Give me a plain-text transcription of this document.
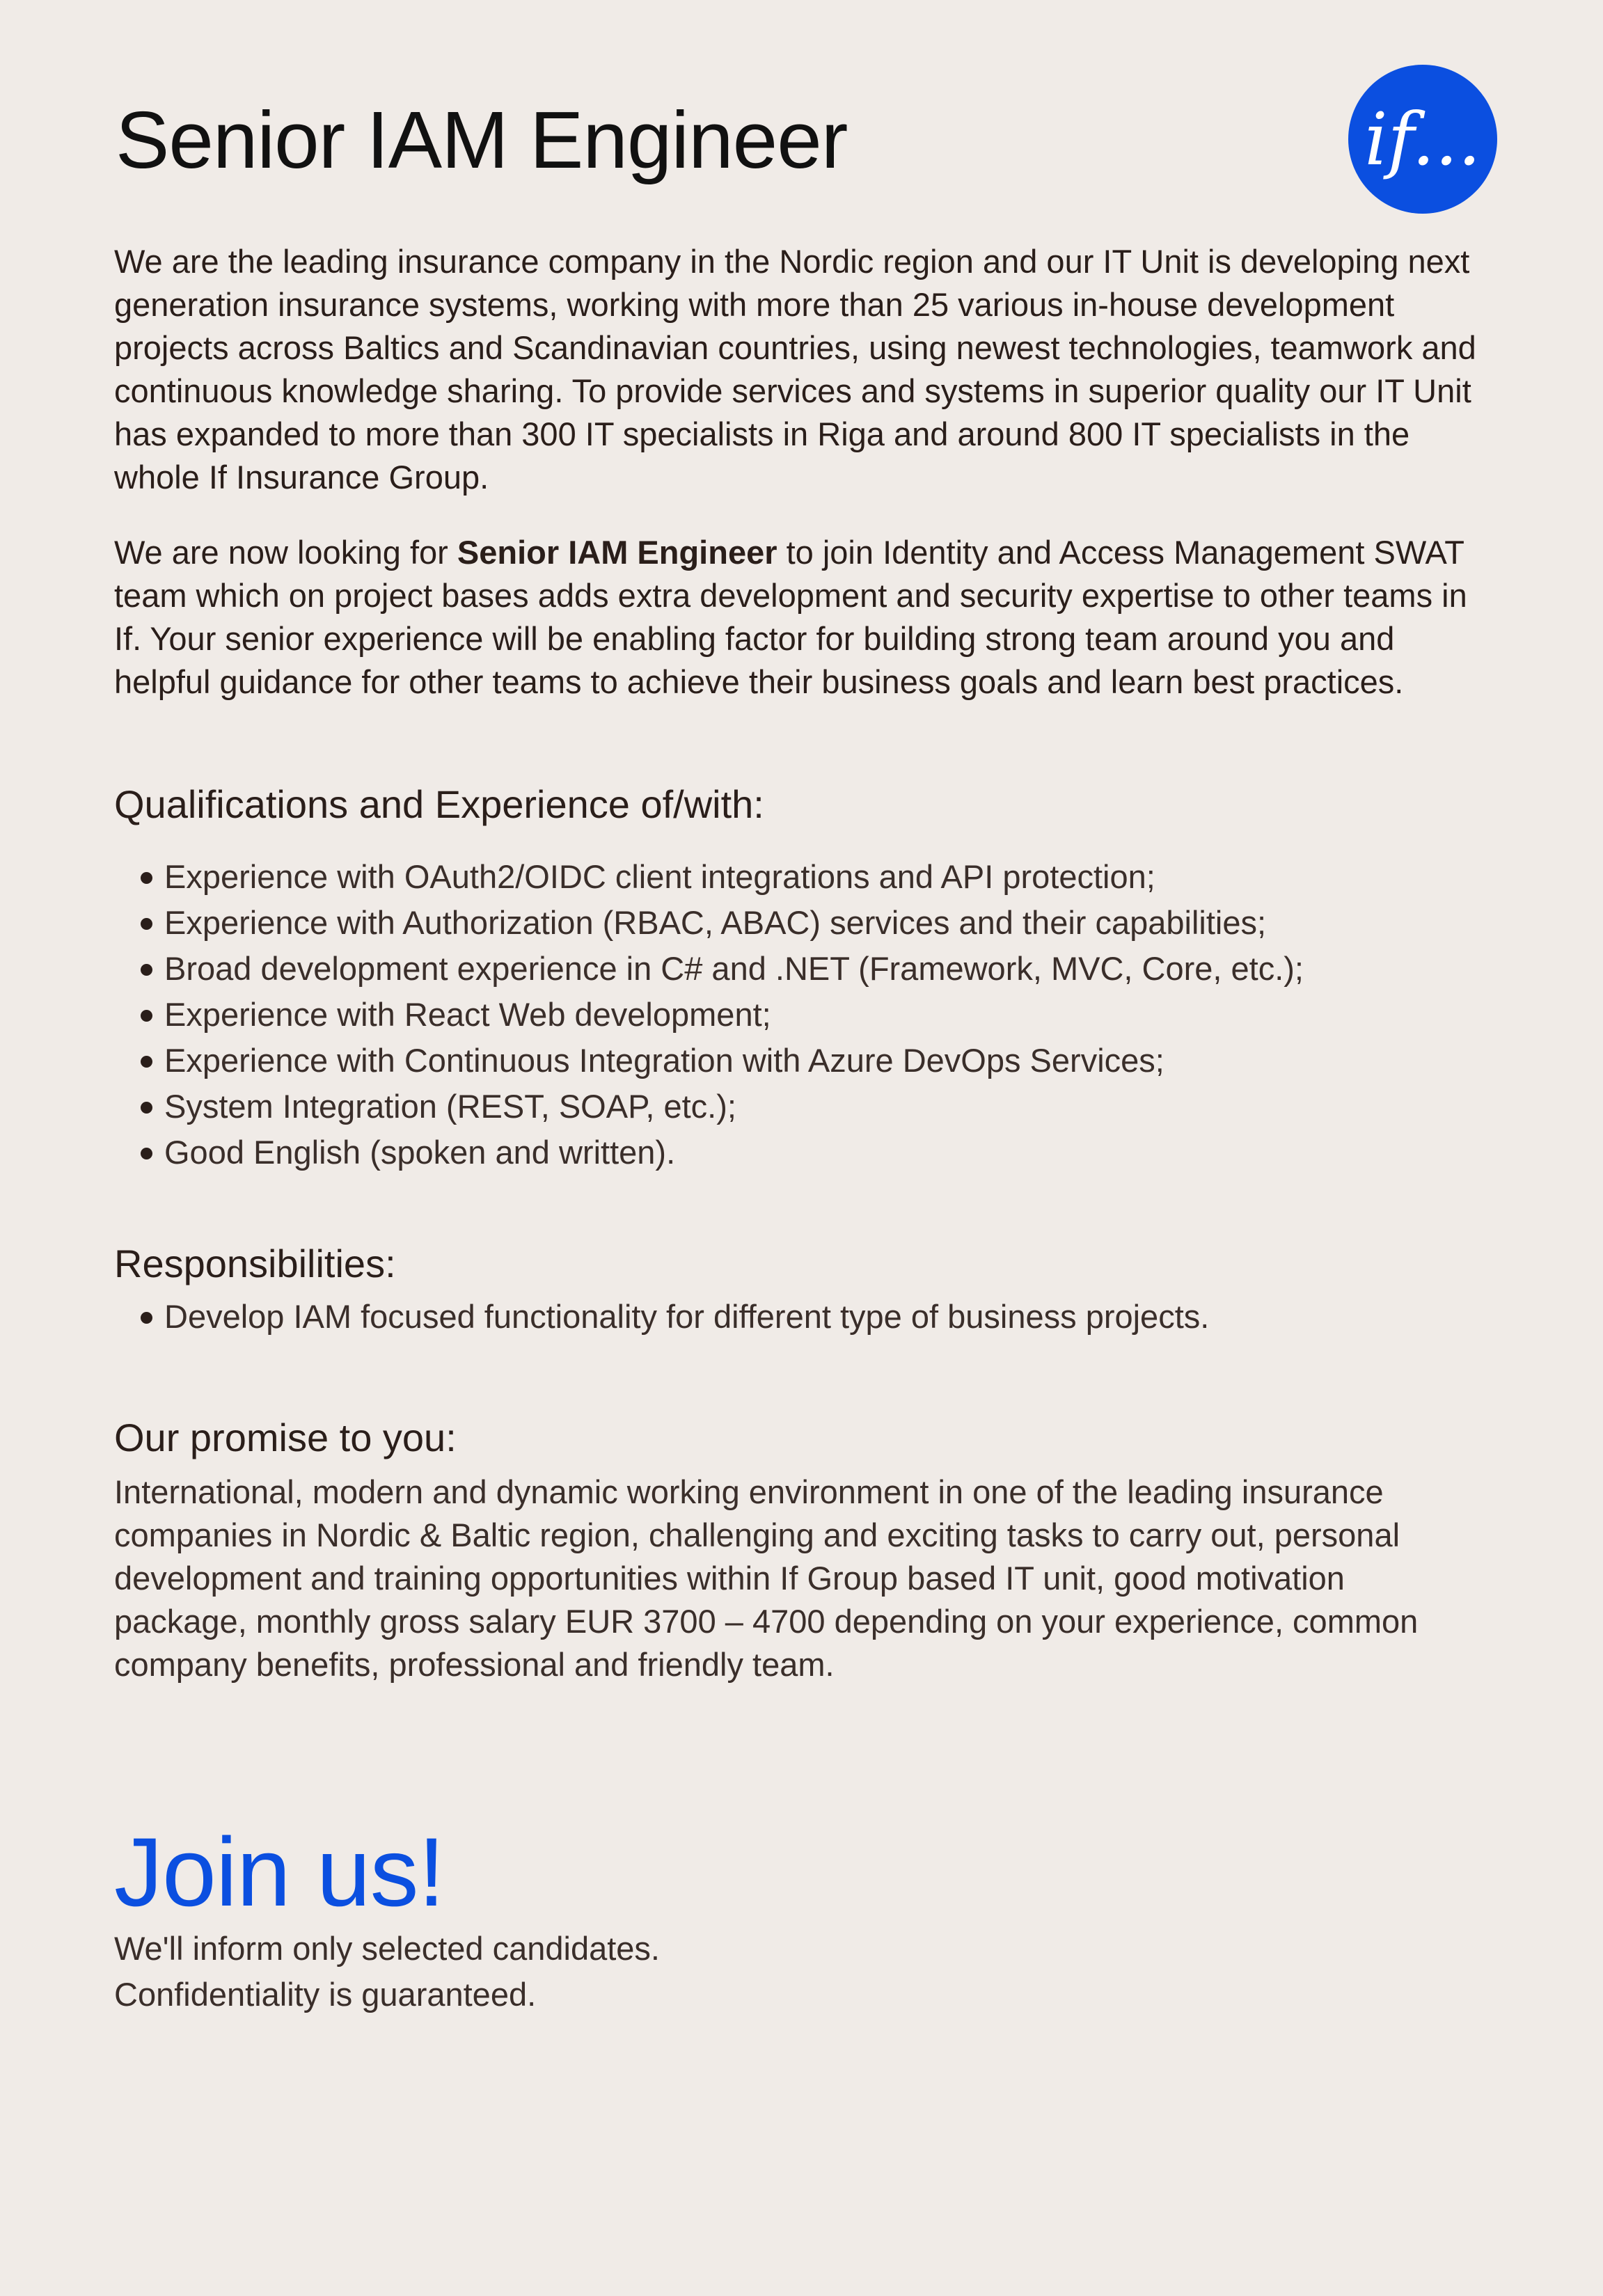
Senior IAM Engineer	if...

We are the leading insurance company in the Nordic region and our IT Unit is developing next generation insurance systems, working with more than 25 various in-house development projects across Baltics and Scandinavian countries, using newest technologies, teamwork and continuous knowledge sharing. To provide services and systems in superior quality our IT Unit has expanded to more than 300 IT specialists in Riga and around 800 IT specialists in the whole If Insurance Group.

We are now looking for Senior IAM Engineer to join Identity and Access Management SWAT team which on project bases adds extra development and security expertise to other teams in If. Your senior experience will be enabling factor for building strong team around you and helpful guidance for other teams to achieve their business goals and learn best practices.

Qualifications and Experience of/with:
Experience with OAuth2/OIDC client integrations and API protection;
Experience with Authorization (RBAC, ABAC) services and their capabilities;
Broad development experience in C# and .NET (Framework, MVC, Core, etc.);
Experience with React Web development;
Experience with Continuous Integration with Azure DevOps Services;
System Integration (REST, SOAP, etc.);
Good English (spoken and written).
Responsibilities:
Develop IAM focused functionality for different type of business projects.
Our promise to you:

International, modern and dynamic working environment in one of the leading insurance companies in Nordic & Baltic region, challenging and exciting tasks to carry out, personal development and training opportunities within If Group based IT unit, good motivation package, monthly gross salary EUR 3700 – 4700 depending on your experience, common company benefits, professional and friendly team.

Join us!

We'll inform only selected candidates.

Confidentiality is guaranteed.
